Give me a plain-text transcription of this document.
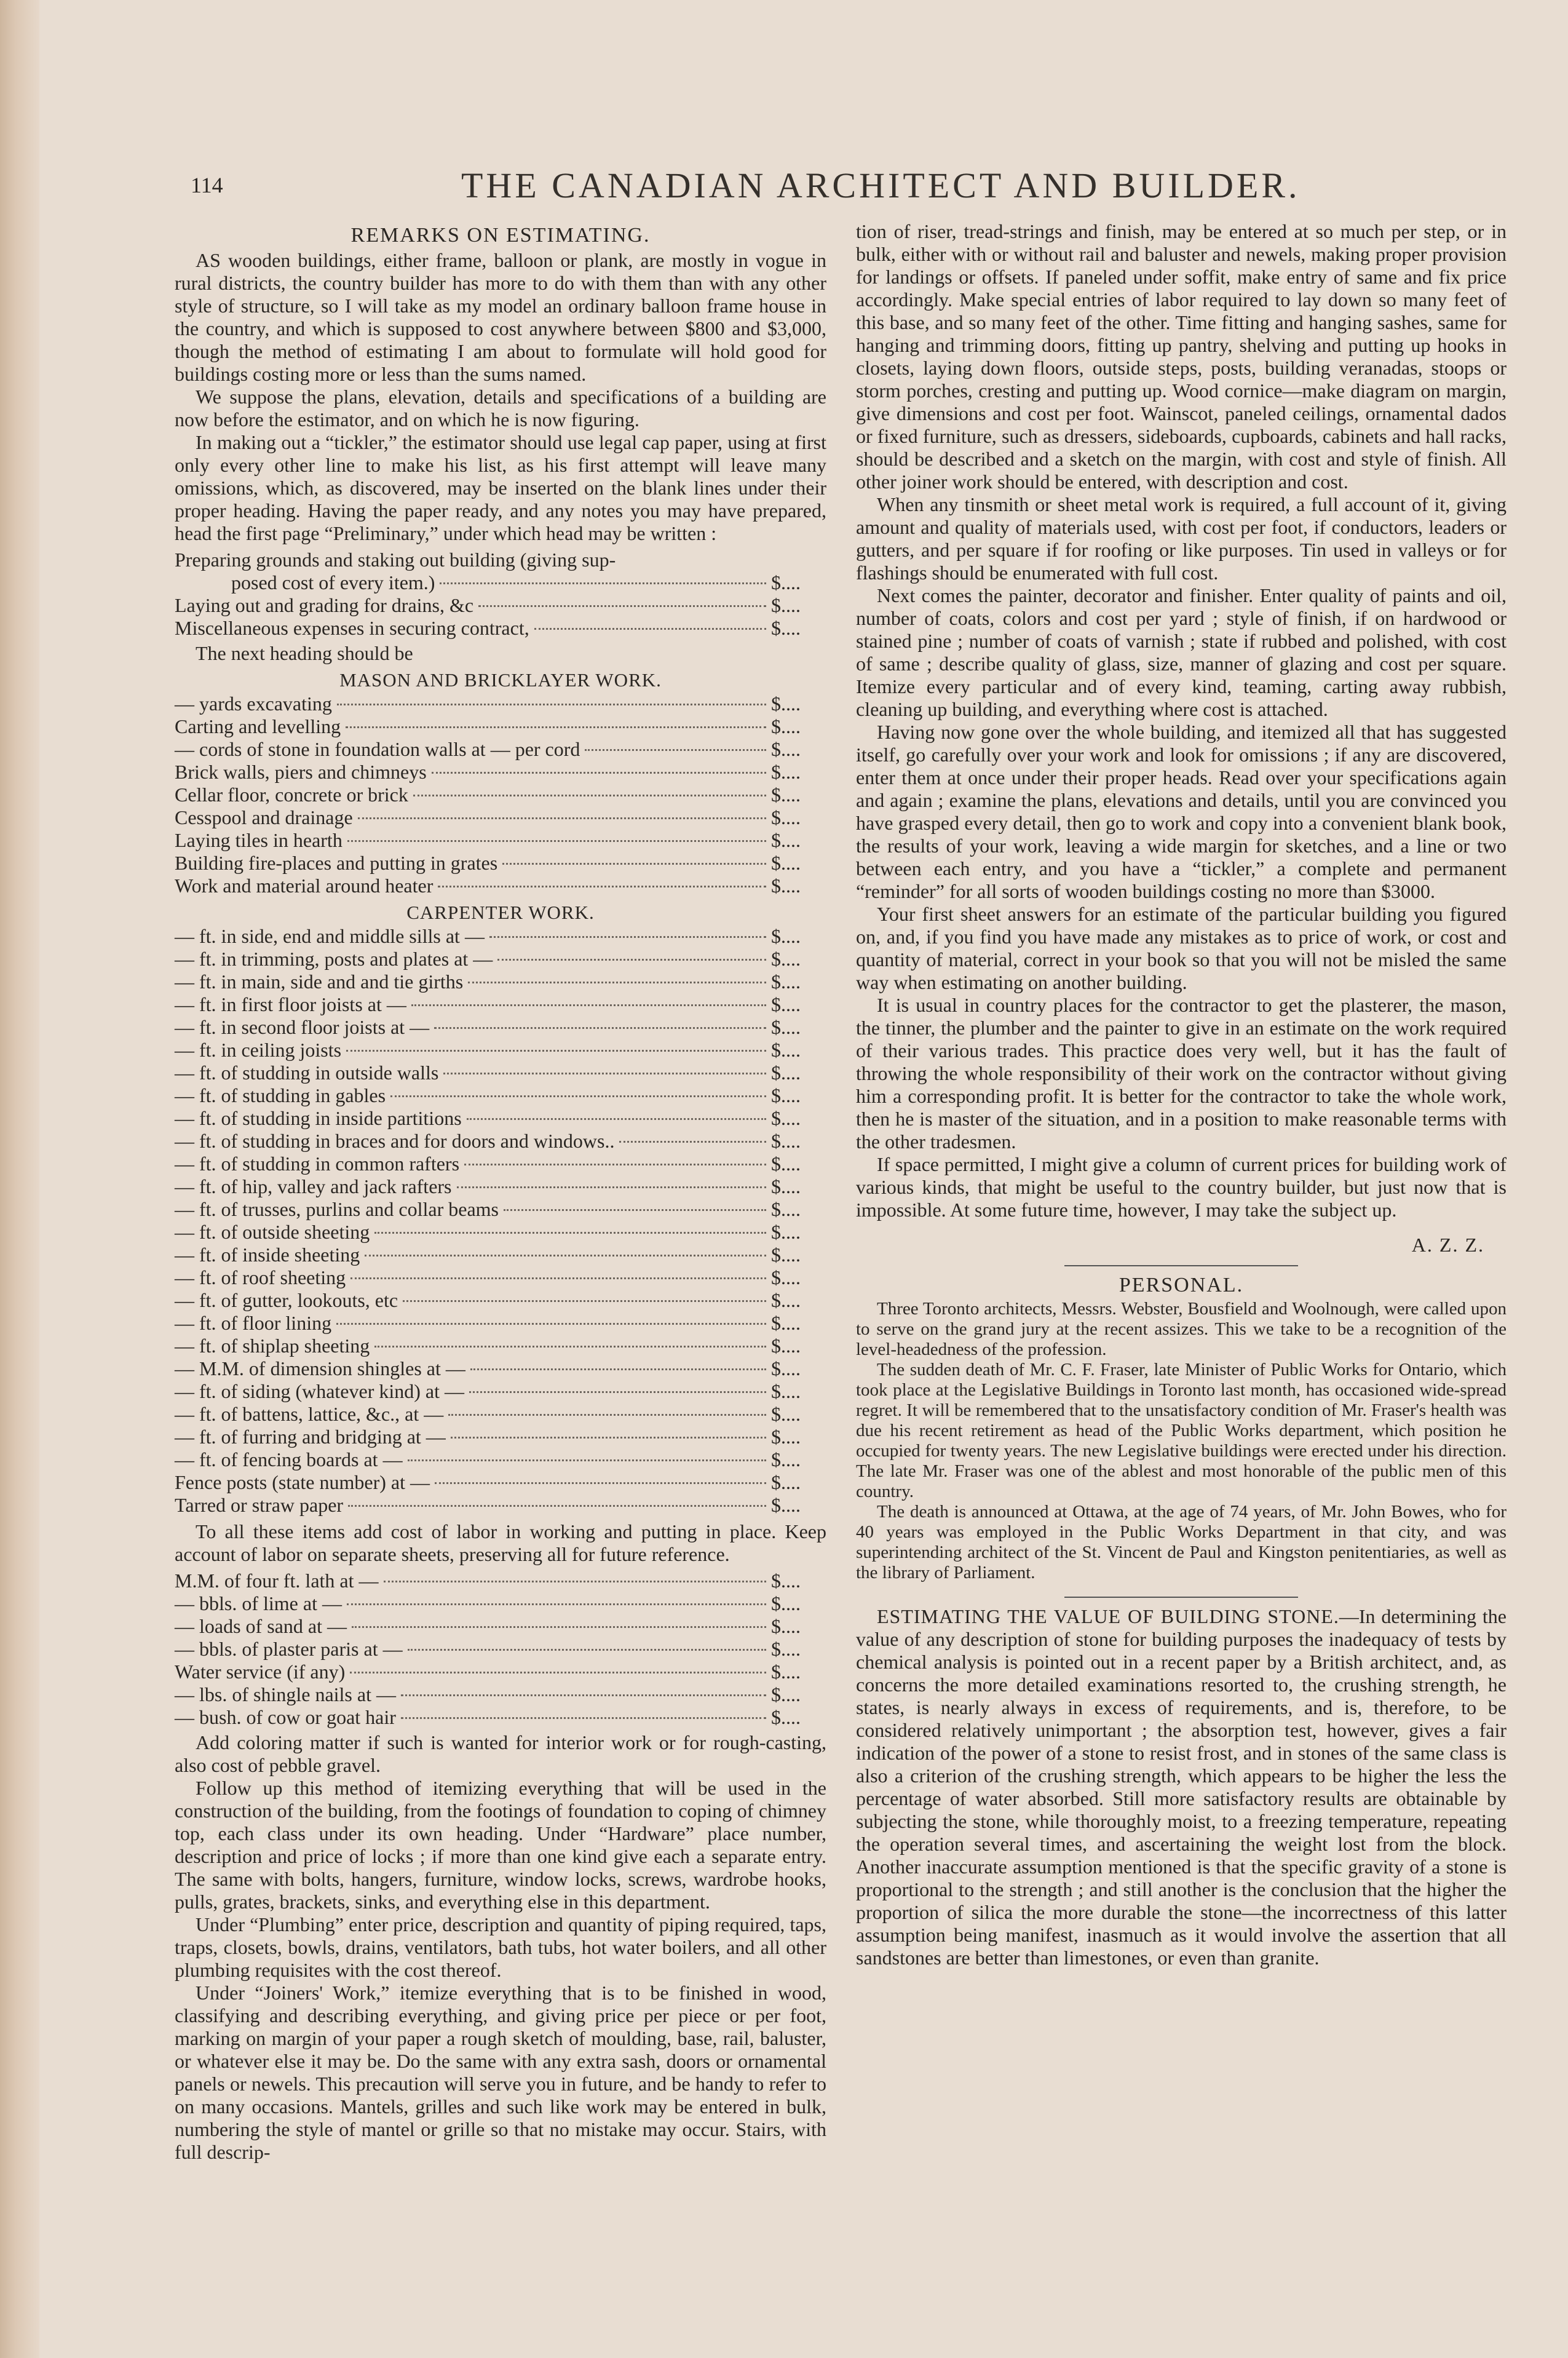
114	THE CANADIAN ARCHITECT AND BUILDER.
REMARKS ON ESTIMATING.

AS wooden buildings, either frame, balloon or plank, are mostly in vogue in rural districts, the country builder has more to do with them than with any other style of structure, so I will take as my model an ordinary balloon frame house in the country, and which is supposed to cost anywhere between $800 and $3,000, though the method of estimating I am about to formulate will hold good for buildings costing more or less than the sums named.

We suppose the plans, elevation, details and specifications of a building are now before the estimator, and on which he is now figuring.

In making out a “tickler,” the estimator should use legal cap paper, using at first only every other line to make his list, as his first attempt will leave many omissions, which, as discovered, may be inserted on the blank lines under their proper heading. Having the paper ready, and any notes you may have prepared, head the first page “Preliminary,” under which head may be written :

Preparing grounds and staking out building (giving sup-
posed cost of every item.)	$....
Laying out and grading for drains, &c	$....
Miscellaneous expenses in securing contract,	$....

The next heading should be

MASON AND BRICKLAYER WORK.
— yards excavating	$....
Carting and levelling	$....
— cords of stone in foundation walls at — per cord	$....
Brick walls, piers and chimneys	$....
Cellar floor, concrete or brick	$....
Cesspool and drainage	$....
Laying tiles in hearth	$....
Building fire-places and putting in grates	$....
Work and material around heater	$....
CARPENTER WORK.
— ft. in side, end and middle sills at —	$....
— ft. in trimming, posts and plates at —	$....
— ft. in main, side and and tie girths	$....
— ft. in first floor joists at —	$....
— ft. in second floor joists at —	$....
— ft. in ceiling joists	$....
— ft. of studding in outside walls	$....
— ft. of studding in gables	$....
— ft. of studding in inside partitions	$....
— ft. of studding in braces and for doors and windows..	$....
— ft. of studding in common rafters	$....
— ft. of hip, valley and jack rafters	$....
— ft. of trusses, purlins and collar beams	$....
— ft. of outside sheeting	$....
— ft. of inside sheeting	$....
— ft. of roof sheeting	$....
— ft. of gutter, lookouts, etc	$....
— ft. of floor lining	$....
— ft. of shiplap sheeting	$....
— M.M. of dimension shingles at —	$....
— ft. of siding (whatever kind) at —	$....
— ft. of battens, lattice, &c., at —	$....
— ft. of furring and bridging at —	$....
— ft. of fencing boards at —	$....
Fence posts (state number) at —	$....
Tarred or straw paper	$....

To all these items add cost of labor in working and putting in place. Keep account of labor on separate sheets, preserving all for future reference.

M.M. of four ft. lath at —	$....
— bbls. of lime at —	$....
— loads of sand at —	$....
— bbls. of plaster paris at —	$....
Water service (if any)	$....
— lbs. of shingle nails at —	$....
— bush. of cow or goat hair	$....

Add coloring matter if such is wanted for interior work or for rough-casting, also cost of pebble gravel.

Follow up this method of itemizing everything that will be used in the construction of the building, from the footings of foundation to coping of chimney top, each class under its own heading. Under “Hardware” place number, description and price of locks ; if more than one kind give each a separate entry. The same with bolts, hangers, furniture, window locks, screws, wardrobe hooks, pulls, grates, brackets, sinks, and everything else in this department.

Under “Plumbing” enter price, description and quantity of piping required, taps, traps, closets, bowls, drains, ventilators, bath tubs, hot water boilers, and all other plumbing requisites with the cost thereof.

Under “Joiners' Work,” itemize everything that is to be finished in wood, classifying and describing everything, and giving price per piece or per foot, marking on margin of your paper a rough sketch of moulding, base, rail, baluster, or whatever else it may be. Do the same with any extra sash, doors or ornamental panels or newels. This precaution will serve you in future, and be handy to refer to on many occasions. Mantels, grilles and such like work may be entered in bulk, numbering the style of mantel or grille so that no mistake may occur. Stairs, with full descrip-

tion of riser, tread-strings and finish, may be entered at so much per step, or in bulk, either with or without rail and baluster and newels, making proper provision for landings or offsets. If paneled under soffit, make entry of same and fix price accordingly. Make special entries of labor required to lay down so many feet of this base, and so many feet of the other. Time fitting and hanging sashes, same for hanging and trimming doors, fitting up pantry, shelving and putting up hooks in closets, laying down floors, outside steps, posts, building veranadas, stoops or storm porches, cresting and putting up. Wood cornice—make diagram on margin, give dimensions and cost per foot. Wainscot, paneled ceilings, ornamental dados or fixed furniture, such as dressers, sideboards, cupboards, cabinets and hall racks, should be described and a sketch on the margin, with cost and style of finish. All other joiner work should be entered, with description and cost.

When any tinsmith or sheet metal work is required, a full account of it, giving amount and quality of materials used, with cost per foot, if conductors, leaders or gutters, and per square if for roofing or like purposes. Tin used in valleys or for flashings should be enumerated with full cost.

Next comes the painter, decorator and finisher. Enter quality of paints and oil, number of coats, colors and cost per yard ; style of finish, if on hardwood or stained pine ; number of coats of varnish ; state if rubbed and polished, with cost of same ; describe quality of glass, size, manner of glazing and cost per square. Itemize every particular and of every kind, teaming, carting away rubbish, cleaning up building, and everything where cost is attached.

Having now gone over the whole building, and itemized all that has suggested itself, go carefully over your work and look for omissions ; if any are discovered, enter them at once under their proper heads. Read over your specifications again and again ; examine the plans, elevations and details, until you are convinced you have grasped every detail, then go to work and copy into a convenient blank book, the results of your work, leaving a wide margin for sketches, and a line or two between each entry, and you have a “tickler,” a complete and permanent “reminder” for all sorts of wooden buildings costing no more than $3000.

Your first sheet answers for an estimate of the particular building you figured on, and, if you find you have made any mistakes as to price of work, or cost and quantity of material, correct in your book so that you will not be misled the same way when estimating on another building.

It is usual in country places for the contractor to get the plasterer, the mason, the tinner, the plumber and the painter to give in an estimate on the work required of their various trades. This practice does very well, but it has the fault of throwing the whole responsibility of their work on the contractor without giving him a corresponding profit. It is better for the contractor to take the whole work, then he is master of the situation, and in a position to make reasonable terms with the other tradesmen.

If space permitted, I might give a column of current prices for building work of various kinds, that might be useful to the country builder, but just now that is impossible. At some future time, however, I may take the subject up.

A. Z. Z.
PERSONAL.

Three Toronto architects, Messrs. Webster, Bousfield and Woolnough, were called upon to serve on the grand jury at the recent assizes. This we take to be a recognition of the level-headedness of the profession.

The sudden death of Mr. C. F. Fraser, late Minister of Public Works for Ontario, which took place at the Legislative Buildings in Toronto last month, has occasioned wide-spread regret. It will be remembered that to the unsatisfactory condition of Mr. Fraser's health was due his recent retirement as head of the Public Works department, which position he occupied for twenty years. The new Legislative buildings were erected under his direction. The late Mr. Fraser was one of the ablest and most honorable of the public men of this country.

The death is announced at Ottawa, at the age of 74 years, of Mr. John Bowes, who for 40 years was employed in the Public Works Department in that city, and was superintending architect of the St. Vincent de Paul and Kingston penitentiaries, as well as the library of Parliament.

ESTIMATING THE VALUE OF BUILDING STONE.—In determining the value of any description of stone for building purposes the inadequacy of tests by chemical analysis is pointed out in a recent paper by a British architect, and, as concerns the more detailed examinations resorted to, the crushing strength, he states, is nearly always in excess of requirements, and is, therefore, to be considered relatively unimportant ; the absorption test, however, gives a fair indication of the power of a stone to resist frost, and in stones of the same class is also a criterion of the crushing strength, which appears to be higher the less the percentage of water absorbed. Still more satisfactory results are obtainable by subjecting the stone, while thoroughly moist, to a freezing temperature, repeating the operation several times, and ascertaining the weight lost from the block. Another inaccurate assumption mentioned is that the specific gravity of a stone is proportional to the strength ; and still another is the conclusion that the higher the proportion of silica the more durable the stone—the incorrectness of this latter assumption being manifest, inasmuch as it would involve the assertion that all sandstones are better than limestones, or even than granite.
